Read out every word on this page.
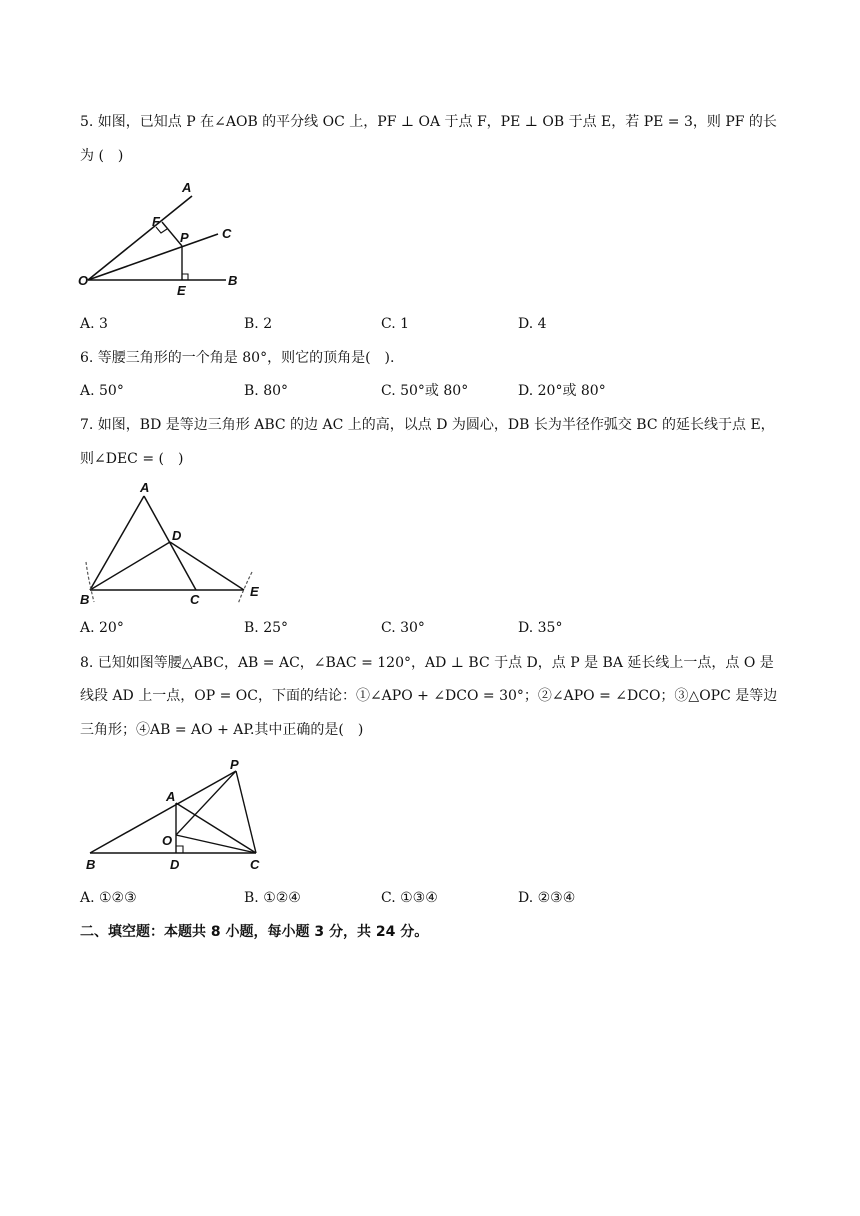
5. 如图，已知点 P 在∠AOB 的平分线 OC 上，PF ⊥ OA 于点 F，PE ⊥ OB 于点 E，若 PE = 3，则 PF 的长
为 (　)
A
F
P	C
O
E
B
A. 3	B. 2	C. 1	D. 4
6. 等腰三角形的一个角是 80°，则它的顶角是(　).
A. 50°	B. 80°	C. 50°或 80°	D. 20°或 80°
7. 如图，BD 是等边三角形 ABC 的边 AC 上的高，以点 D 为圆心，DB 长为半径作弧交 BC 的延长线于点 E，
则∠DEC = (　)
A
D
B	C
E
A. 20°	B. 25°	C. 30°	D. 35°
8. 已知如图等腰△ABC，AB = AC，∠BAC = 120°，AD ⊥ BC 于点 D，点 P 是 BA 延长线上一点，点 O 是
线段 AD 上一点，OP = OC，下面的结论：①∠APO + ∠DCO = 30°；②∠APO = ∠DCO；③△OPC 是等边
三角形；④AB = AO + AP.其中正确的是(　)
P
A
O
B	D	C
A. ①②③	B. ①②④	C. ①③④	D. ②③④
二、填空题：本题共 8 小题，每小题 3 分，共 24 分。
